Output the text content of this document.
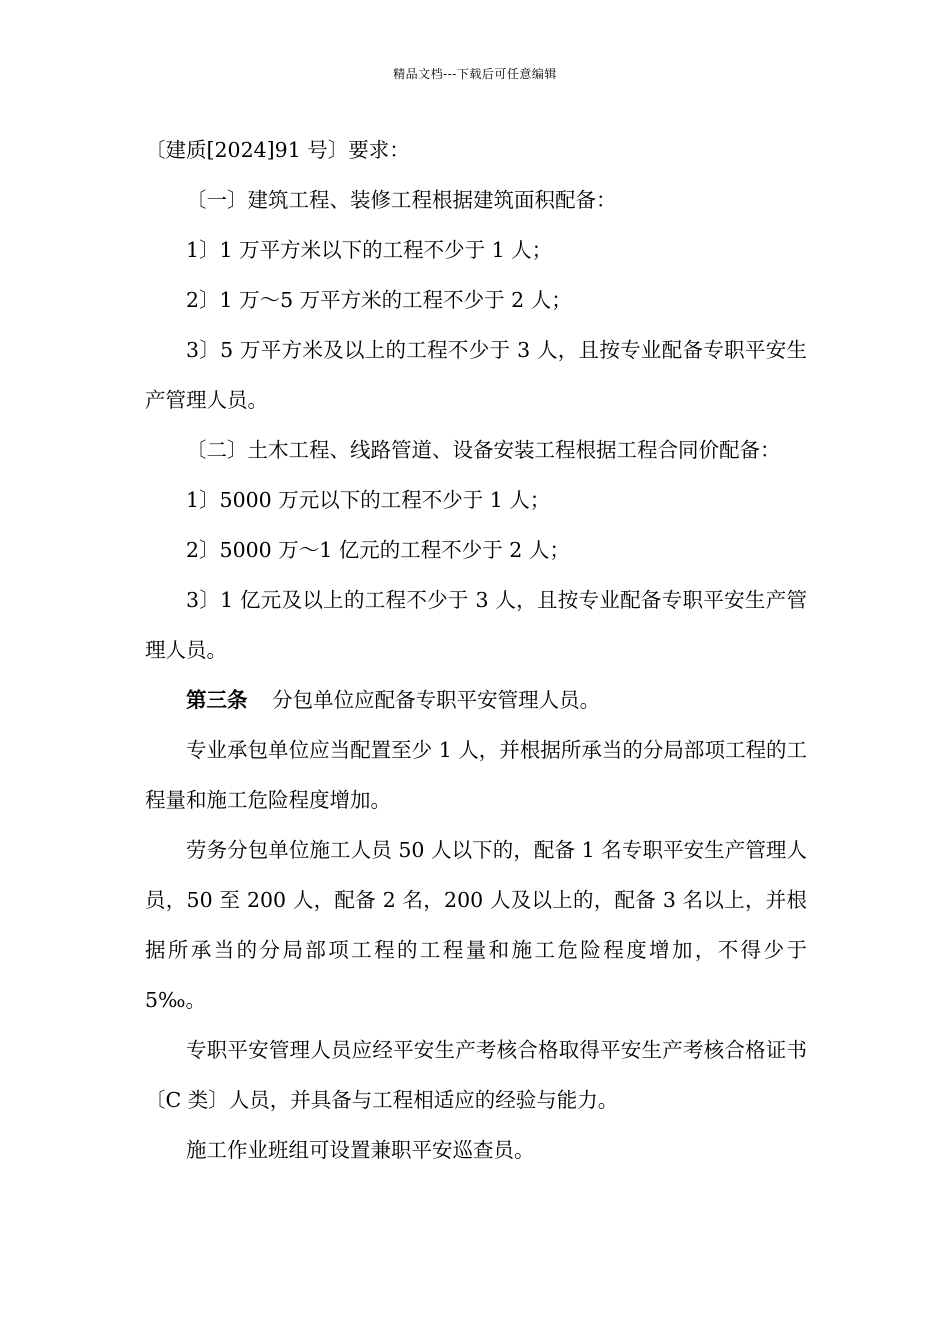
精品文档---下载后可任意编辑

〔建质[2024]91 号〕要求：

〔一〕建筑工程、装修工程根据建筑面积配备：

1〕1 万平方米以下的工程不少于 1 人；

2〕1 万～5 万平方米的工程不少于 2 人；

3〕5 万平方米及以上的工程不少于 3 人，且按专业配备专职平安生产管理人员。

〔二〕土木工程、线路管道、设备安装工程根据工程合同价配备：

1〕5000 万元以下的工程不少于 1 人；

2〕5000 万～1 亿元的工程不少于 2 人；

3〕1 亿元及以上的工程不少于 3 人，且按专业配备专职平安生产管理人员。

第三条 分包单位应配备专职平安管理人员。

专业承包单位应当配置至少 1 人，并根据所承当的分局部项工程的工程量和施工危险程度增加。

劳务分包单位施工人员 50 人以下的，配备 1 名专职平安生产管理人员，50 至 200 人，配备 2 名，200 人及以上的，配备 3 名以上，并根据所承当的分局部项工程的工程量和施工危险程度增加，不得少于 5‰。

专职平安管理人员应经平安生产考核合格取得平安生产考核合格证书〔C 类〕人员，并具备与工程相适应的经验与能力。

施工作业班组可设置兼职平安巡查员。
